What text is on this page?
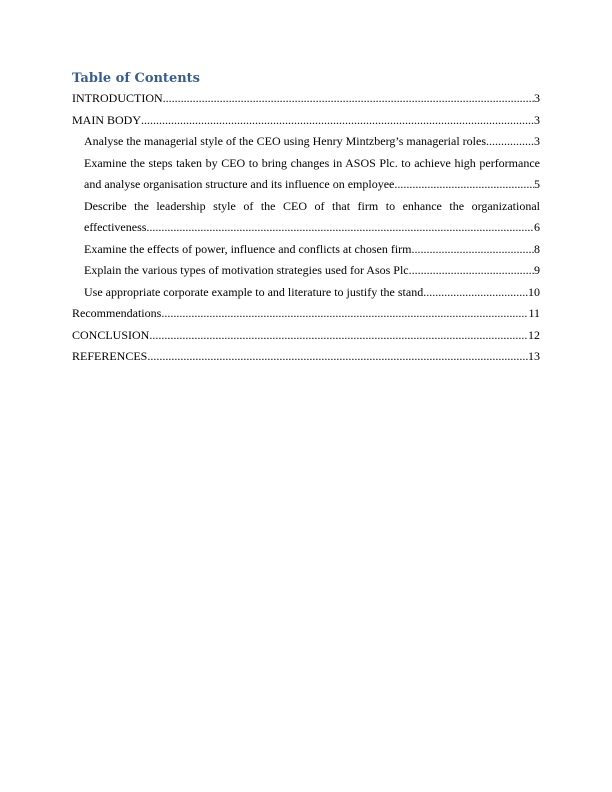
Table of Contents
INTRODUCTION .....	3
MAIN BODY .....	3
Analyse the managerial style of the CEO using Henry Mintzberg’s managerial roles .....	3
Examine the steps taken by CEO to bring changes in ASOS Plc. to achieve high performance
and analyse organisation structure and its influence on employee .....	5
Describe the leadership style of the CEO of that firm to enhance the organizational
effectiveness .....	6
Examine the effects of power, influence and conflicts at chosen firm .....	8
Explain the various types of motivation strategies used for Asos Plc .....	9
Use appropriate corporate example to and literature to justify the stand .....	10
Recommendations .....	11
CONCLUSION .....	12
REFERENCES .....	13
